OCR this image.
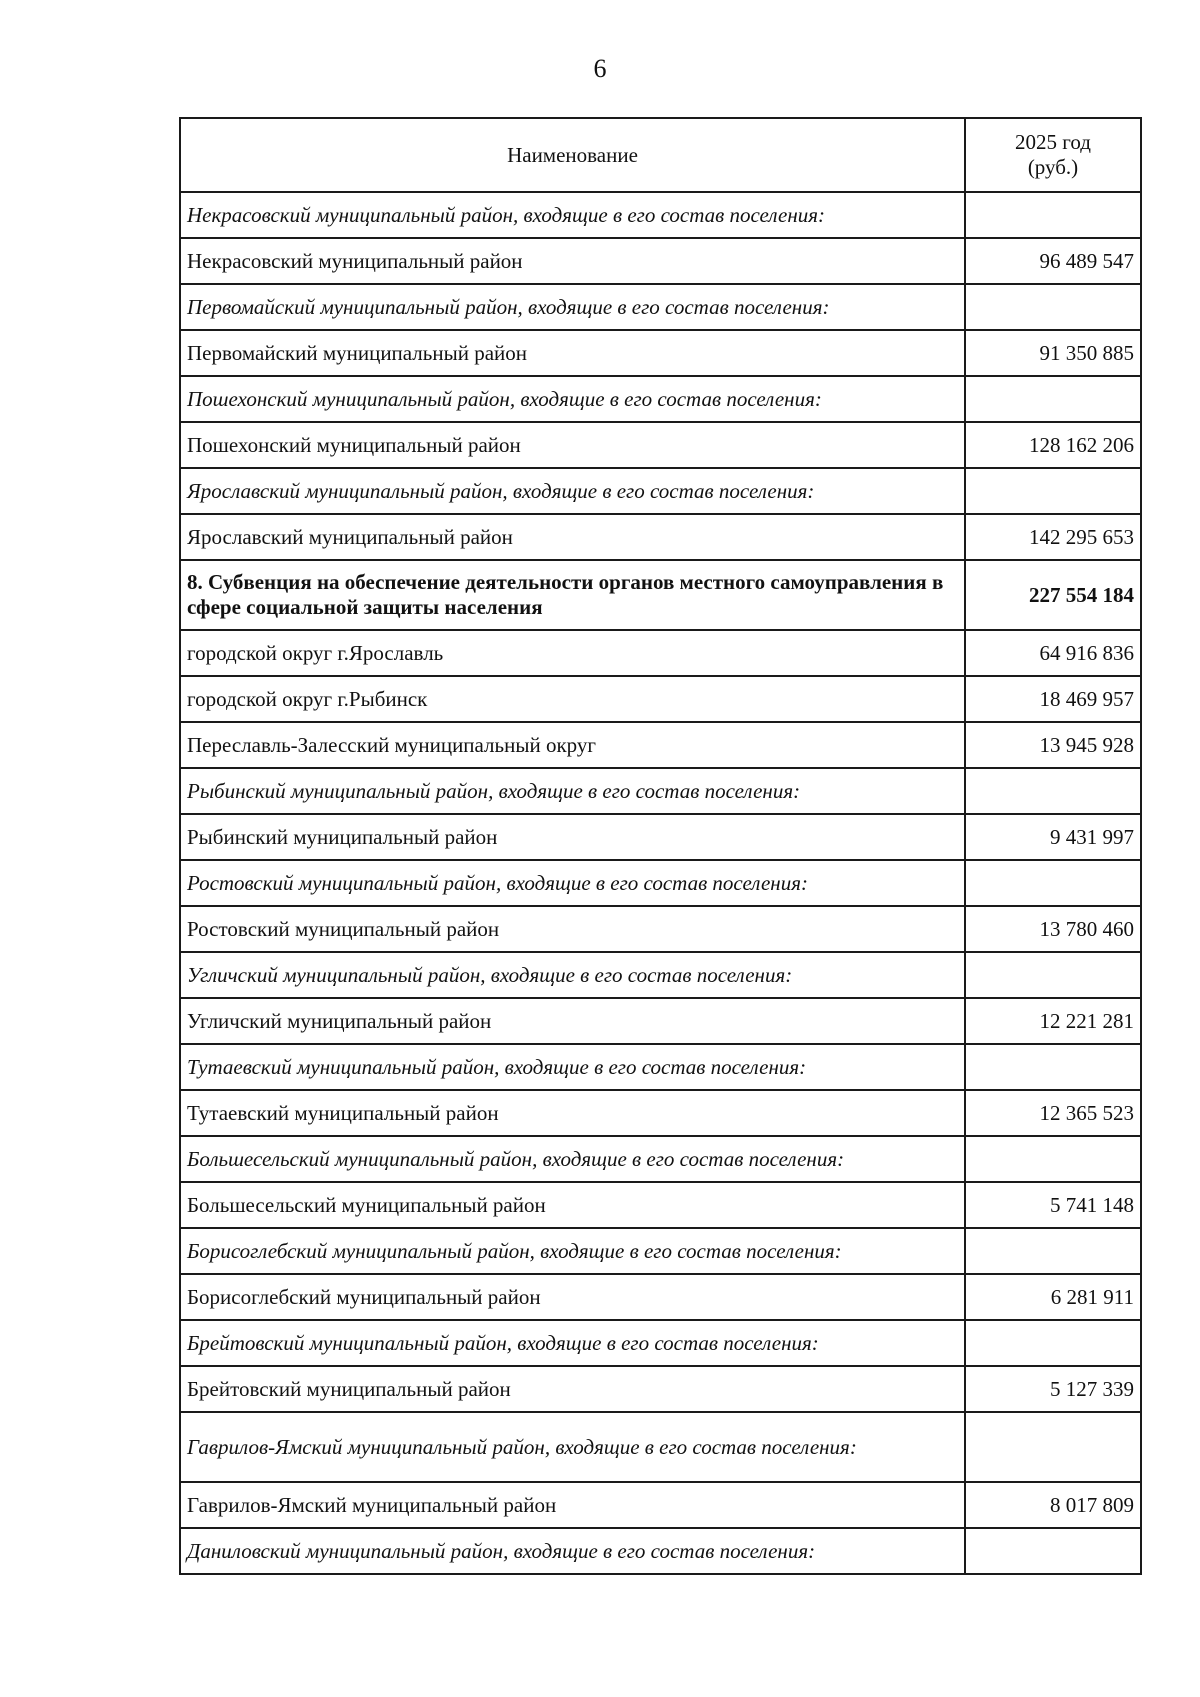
6
Наименование	2025 год
(руб.)

Некрасовский муниципальный район, входящие в его состав поселения:	
Некрасовский муниципальный район	96 489 547
Первомайский муниципальный район, входящие в его состав поселения:	
Первомайский муниципальный район	91 350 885
Пошехонский муниципальный район, входящие в его состав поселения:	
Пошехонский муниципальный район	128 162 206
Ярославский муниципальный район, входящие в его состав поселения:	
Ярославский муниципальный район	142 295 653
8. Субвенция на обеспечение деятельности органов местного самоуправления в сфере социальной защиты населения	227 554 184
городской округ г.Ярославль	64 916 836
городской округ г.Рыбинск	18 469 957
Переславль-Залесский муниципальный округ	13 945 928
Рыбинский муниципальный район, входящие в его состав поселения:	
Рыбинский муниципальный район	9 431 997
Ростовский муниципальный район, входящие в его состав поселения:	
Ростовский муниципальный район	13 780 460
Угличский муниципальный район, входящие в его состав поселения:	
Угличский муниципальный район	12 221 281
Тутаевский муниципальный район, входящие в его состав поселения:	
Тутаевский муниципальный район	12 365 523
Большесельский муниципальный район, входящие в его состав поселения:	
Большесельский муниципальный район	5 741 148
Борисоглебский муниципальный район, входящие в его состав поселения:	
Борисоглебский муниципальный район	6 281 911
Брейтовский муниципальный район, входящие в его состав поселения:	
Брейтовский муниципальный район	5 127 339
Гаврилов-Ямский муниципальный район, входящие в его состав поселения:	
Гаврилов-Ямский муниципальный район	8 017 809
Даниловский муниципальный район, входящие в его состав поселения:	
